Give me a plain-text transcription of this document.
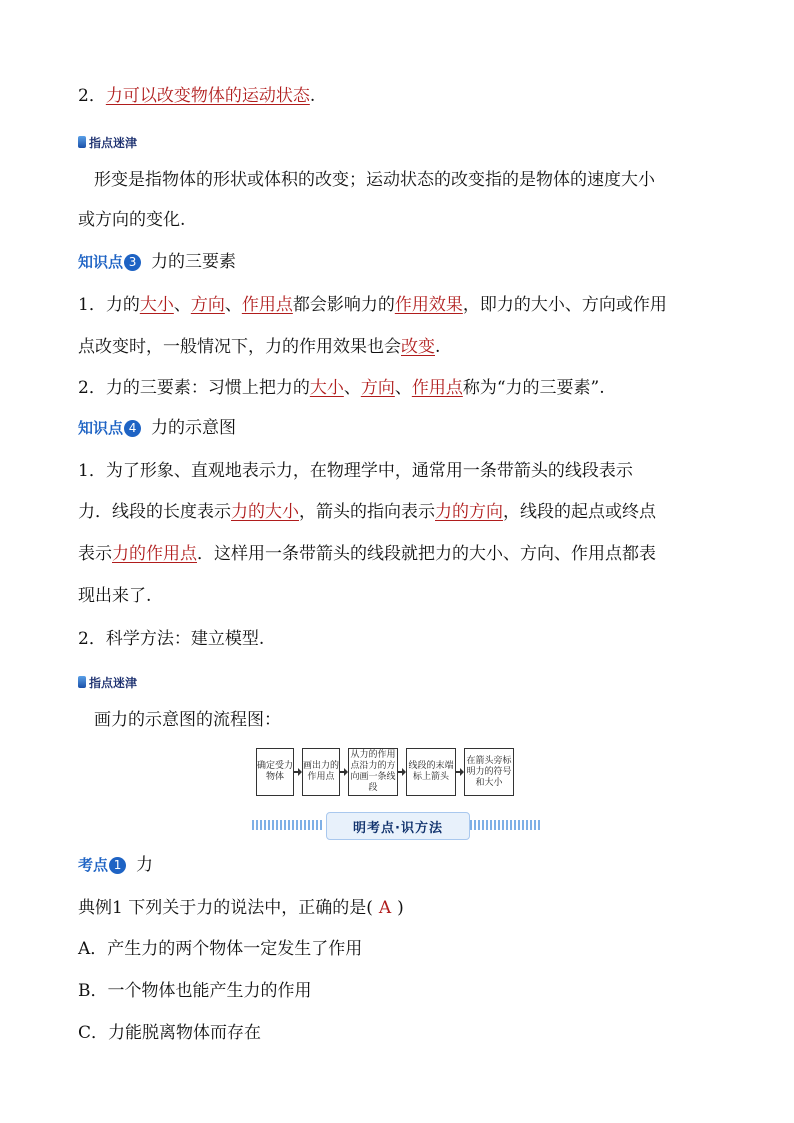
2．力可以改变物体的运动状态.
指点迷津
形变是指物体的形状或体积的改变；运动状态的改变指的是物体的速度大小
或方向的变化.
知识点 3 力的三要素
1．力的大小、方向、作用点都会影响力的作用效果，即力的大小、方向或作用
点改变时，一般情况下，力的作用效果也会改变.
2．力的三要素：习惯上把力的大小、方向、作用点称为“力的三要素”.
知识点 4 力的示意图
1．为了形象、直观地表示力，在物理学中，通常用一条带箭头的线段表示
力．线段的长度表示力的大小，箭头的指向表示力的方向，线段的起点或终点
表示力的作用点．这样用一条带箭头的线段就把力的大小、方向、作用点都表
现出来了.
2．科学方法：建立模型.
指点迷津
画力的示意图的流程图：
确定受力物体
画出力的作用点
从力的作用点沿力的方向画一条线段
线段的末端标上箭头
在箭头旁标明力的符号和大小
明考点·识方法
考点 1 力
典例1 下列关于力的说法中，正确的是( A )
A．产生力的两个物体一定发生了作用
B．一个物体也能产生力的作用
C．力能脱离物体而存在
